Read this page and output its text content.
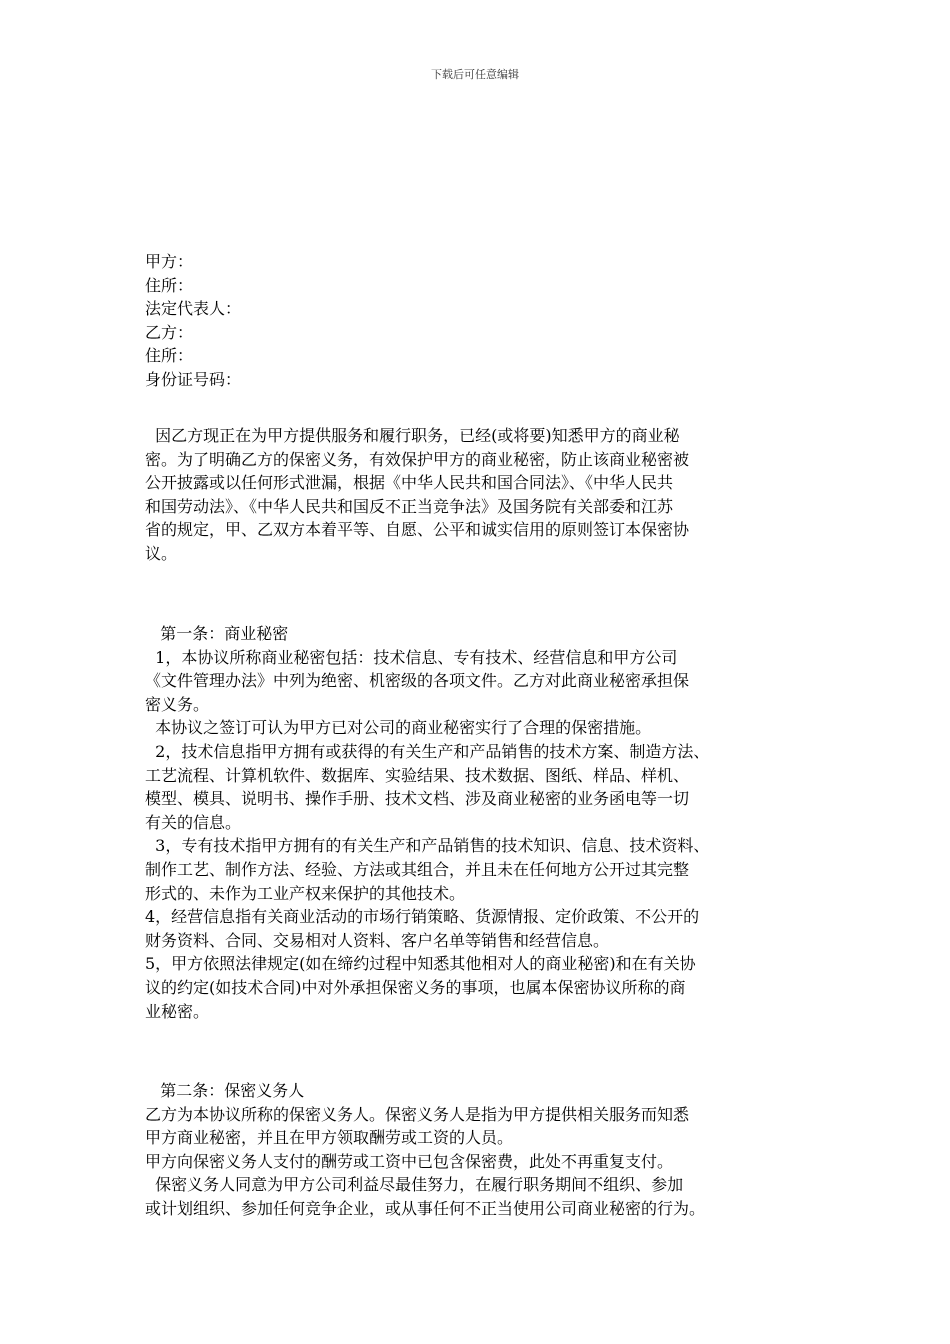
下载后可任意编辑
甲方：
住所：
法定代表人：
乙方：
住所：
身份证号码：
因乙方现正在为甲方提供服务和履行职务，已经(或将要)知悉甲方的商业秘
密。为了明确乙方的保密义务，有效保护甲方的商业秘密，防止该商业秘密被
公开披露或以任何形式泄漏，根据《中华人民共和国合同法》、《中华人民共
和国劳动法》、《中华人民共和国反不正当竞争法》及国务院有关部委和江苏
省的规定，甲、乙双方本着平等、自愿、公平和诚实信用的原则签订本保密协
议。
第一条：商业秘密
1，本协议所称商业秘密包括：技术信息、专有技术、经营信息和甲方公司
《文件管理办法》中列为绝密、机密级的各项文件。乙方对此商业秘密承担保
密义务。
本协议之签订可认为甲方已对公司的商业秘密实行了合理的保密措施。
2，技术信息指甲方拥有或获得的有关生产和产品销售的技术方案、制造方法、
工艺流程、计算机软件、数据库、实验结果、技术数据、图纸、样品、样机、
模型、模具、说明书、操作手册、技术文档、涉及商业秘密的业务函电等一切
有关的信息。
3，专有技术指甲方拥有的有关生产和产品销售的技术知识、信息、技术资料、
制作工艺、制作方法、经验、方法或其组合，并且未在任何地方公开过其完整
形式的、未作为工业产权来保护的其他技术。
4，经营信息指有关商业活动的市场行销策略、货源情报、定价政策、不公开的
财务资料、合同、交易相对人资料、客户名单等销售和经营信息。
5，甲方依照法律规定(如在缔约过程中知悉其他相对人的商业秘密)和在有关协
议的约定(如技术合同)中对外承担保密义务的事项，也属本保密协议所称的商
业秘密。
第二条：保密义务人
乙方为本协议所称的保密义务人。保密义务人是指为甲方提供相关服务而知悉
甲方商业秘密，并且在甲方领取酬劳或工资的人员。
甲方向保密义务人支付的酬劳或工资中已包含保密费，此处不再重复支付。
保密义务人同意为甲方公司利益尽最佳努力，在履行职务期间不组织、参加
或计划组织、参加任何竞争企业，或从事任何不正当使用公司商业秘密的行为。
